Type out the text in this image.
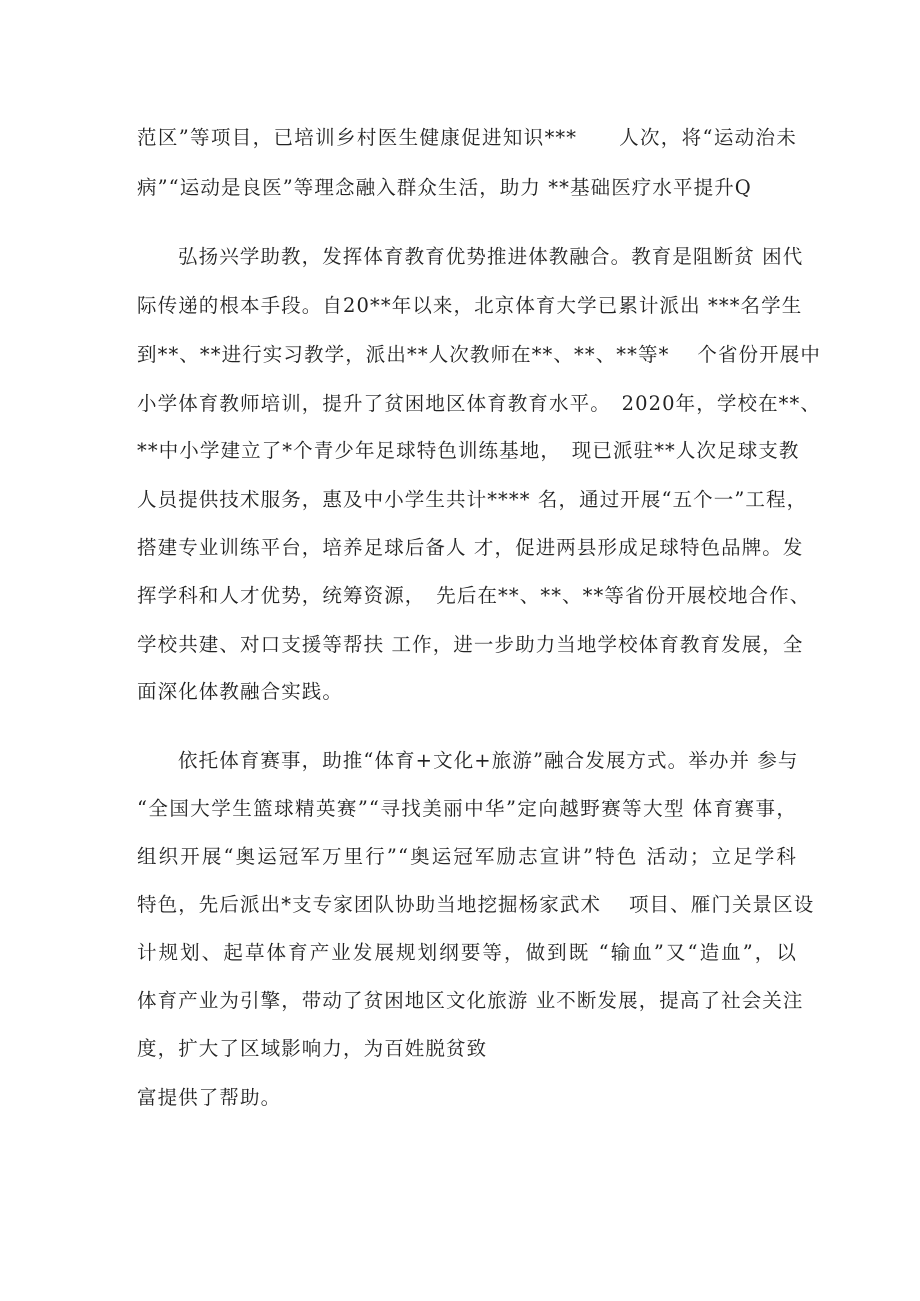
范区”等项目，已培训乡村医生健康促进知识***　　人次，将“运动治未
病”“运动是良医”等理念融入群众生活，助力 **基础医疗水平提升Q
弘扬兴学助教，发挥体育教育优势推进体教融合。教育是阻断贫 困代
际传递的根本手段。自20**年以来，北京体育大学已累计派出 ***名学生
到**、**进行实习教学，派出**人次教师在**、**、**等*　 个省份开展中
小学体育教师培训，提升了贫困地区体育教育水平。　2020年，学校在**、
**中小学建立了*个青少年足球特色训练基地，　现已派驻**人次足球支教
人员提供技术服务，惠及中小学生共计**** 名，通过开展“五个一”工程，
搭建专业训练平台，培养足球后备人 才，促进两县形成足球特色品牌。发
挥学科和人才优势，统筹资源，　先后在**、**、**等省份开展校地合作、
学校共建、对口支援等帮扶 工作，进一步助力当地学校体育教育发展，全
面深化体教融合实践。
依托体育赛事，助推“体育+文化+旅游”融合发展方式。举办并 参与
“全国大学生篮球精英赛”“寻找美丽中华”定向越野赛等大型 体育赛事，
组织开展“奥运冠军万里行”“奥运冠军励志宣讲”特色 活动；立足学科
特色，先后派出*支专家团队协助当地挖掘杨家武术　 项目、雁门关景区设
计规划、起草体育产业发展规划纲要等，做到既 “输血”又“造血”，以
体育产业为引擎，带动了贫困地区文化旅游 业不断发展，提高了社会关注
度，扩大了区域影响力，为百姓脱贫致
富提供了帮助。
